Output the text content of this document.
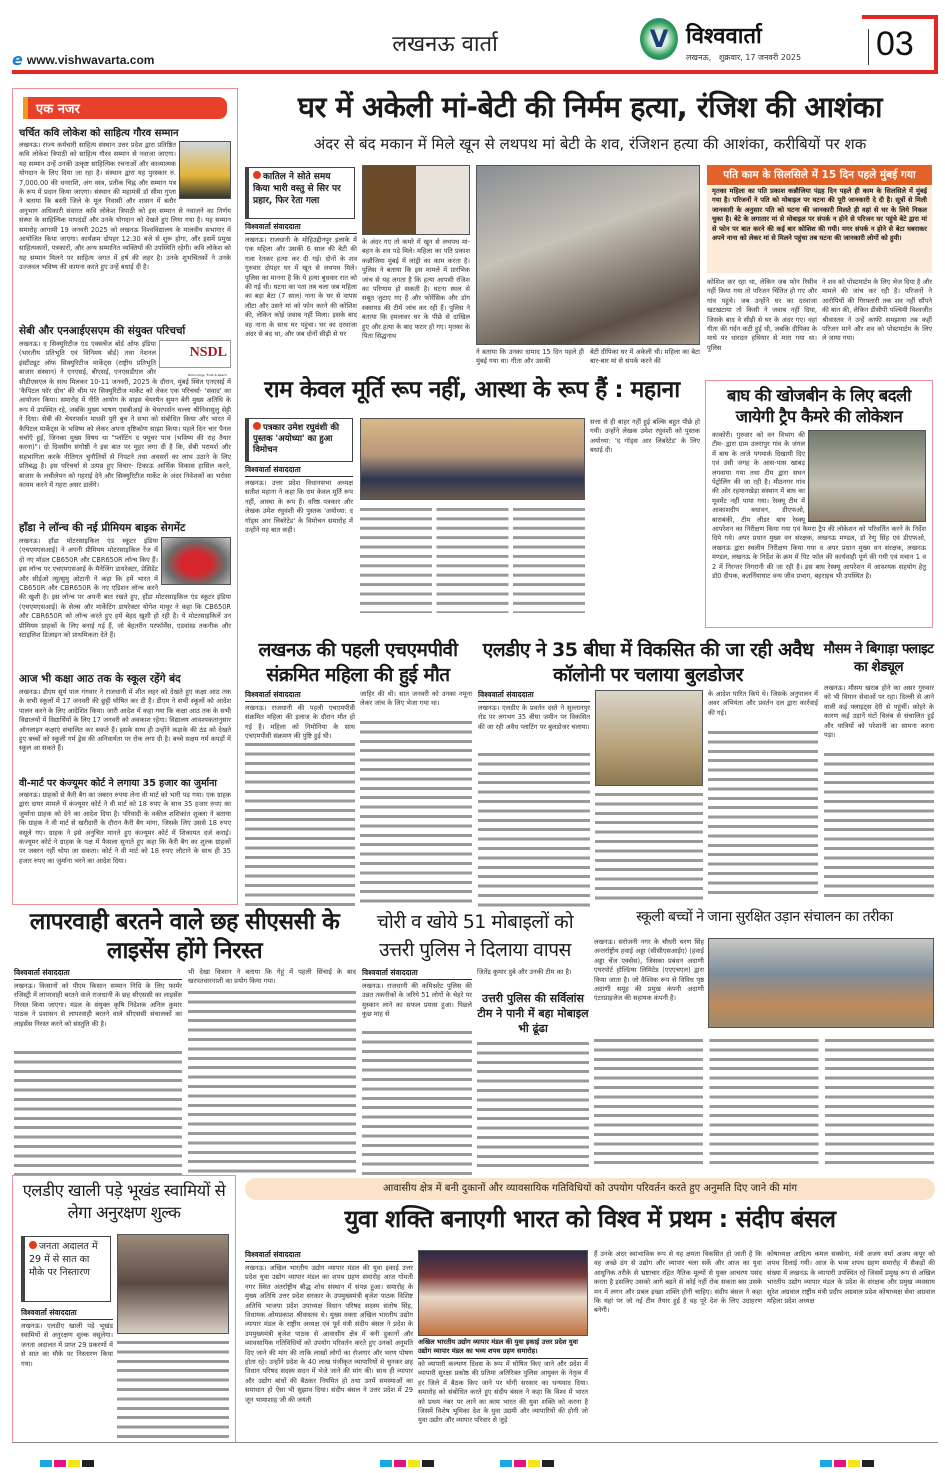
e www.vishwavarta.com
लखनऊ वार्ता	V विश्ववार्ता
लखनऊ,   शुक्रवार, 17 जनवरी 2025 03
एक नजर
चर्चित कवि लोकेश को साहित्य गौरव सम्मान
लखनऊ। राज्य कर्मचारी साहित्य संस्थान उत्तर प्रदेश द्वारा प्रतिष्ठित कवि लोकेश त्रिपाठी को साहित्य गौरव सम्मान से नवाजा जाएगा। यह सम्मान उन्हें उनकी उत्कृष्ट साहित्यिक रचनाओं और काव्यात्मक योगदान के लिए दिया जा रहा है। संस्थान द्वारा यह पुरस्कार रु. 7,000.00 की धनराशि, अंग वस्त्र, प्रतीक चिह्न और सम्मान पत्र के रूप में प्रदान किया जाएगा। संस्थान की महामंत्री डॉ सीमा गुप्ता ने बताया कि बस्ती जिले के मूल निवासी और शासन में बतौर अनुभाग अधिकारी संवारत कवि लोकेश त्रिपाठी को इस सम्मान से नवाजने का निर्णय संस्था के साहित्यिक मापदंडों और उनके योगदान को देखते हुए लिया गया है। यह सम्मान समारोह आगामी 19 जनवरी 2025 को लखनऊ विश्वविद्यालय के मालवीय सभागार में आयोजित किया जाएगा। कार्यक्रम दोपहर 12:30 बजे से शुरू होगा, और इसमें प्रमुख साहित्यकारों, पत्रकारों, और अन्य सम्मानित व्यक्तियों की उपस्थिति रहेगी। कवि लोकेश को यह सम्मान मिलने पर साहित्य जगत में हर्ष की लहर है। उनके शुभचिंतकों ने उनके उज्जवल भविष्य की कामना करते हुए उन्हें बधाई दी है।
सेबी और एनआईएसएम की संयुक्त परिचर्चा
NSDL
Technology, Trust & Reach
लखनऊ। द सिक्युरिटीज एंड एक्सचेंज बोर्ड ऑफ इंडिया (भारतीय प्रतिभूति एवं विनिमय बोर्ड) तथा नेशनल इंस्टीट्यूट ऑफ सिक्युरिटीज मार्केट्स (राष्ट्रीय प्रतिभूति बाजार संस्थान) ने एनएसई, बीएसई, एनएसडीएल और सीडीएसएल के साथ मिलकर 10-11 जनवरी, 2025 के दौरान, मुंबई स्थित एनएसई में 'कैपिटल फॉर ग्रोथ' की थीम पर सिक्युरिटीज मार्केट को लेकर एक परिचर्चा- 'संवाद' का आयोजन किया। समारोह में नीति आयोग के वाइस चेयरमैन सुमन बेरी मुख्य अतिथि के रूप में उपस्थित रहे, जबकि मुख्य भाषण एसबीआई के चेयरपर्सन चल्ला श्रीनिवासुलु सेट्टी ने दिया। सेबी की चेयरपर्सन माधवी पुरी बुच ने सभा को संबोधित किया और भारत में कैपिटल मार्केट्स के भविष्य को लेकर अपना दृष्टिकोण साझा किया। पहले दिन चार पैनल चर्चाएँ हुईं, जिनका मुख्य विषय था "प्लॉटिंग द फ्यूचर पाथ (भविष्य की राह तैयार करना)"। दो दिवसीय संगोष्ठी ने इस बात पर मुहर लगा दी है कि, सेबी परामर्श और सहभागिता करके नीतिगत चुनौतियों से निपटने तथा अवसरों का लाभ उठाने के लिए प्रतिबद्ध है। इस परिचर्चा से उत्पन्न हुए विचार- टिकाऊ आर्थिक विकास हासिल करने, बाजार के लचीलेपन को गहराई देने और सिक्युरिटीज मार्केट के अंदर निवेशकों का भरोसा कायम करने में गहरा असर डालेंगे।
हॉंडा ने लॉन्च की नई प्रीमियम बाइक सेगमेंट
लखनऊ। हॉंडा मोटरसाइकिल एंड स्कूटर इंडिया (एचएमएसआई) ने अपनी प्रीमियम मोटरसाइकिल रेंज में दो नए मॉडल CB650R और CBR650R लॉन्च किए हैं। इस लॉन्च पर एचएमएसआई के मैनेजिंग डायरेक्टर, प्रेसिडेंट और सीईओ त्सुत्सुमु ओटानी ने कहा कि हमें भारत में CB650R और CBR650R के नए एडिशन लॉन्च करने की खुशी है। इस लॉन्च पर अपनी बात रखते हुए, हॉंडा मोटरसाइकिल एंड स्कूटर इंडिया (एचएमएसआई) के सेल्स और मार्केटिंग डायरेक्टर योगेश माथुर ने कहा कि CB650R और CBR650R को लॉन्च करते हुए हमें बेहद खुशी हो रही है। ये मोटरसाइकिलें उन प्रीमियम ग्राहकों के लिए बनाई गई हैं, जो बेहतरीन परफॉर्मेंस, एडवांस्ड तकनीक और स्टाइलिश डिजाइन को प्राथमिकता देते हैं।
आज भी कक्षा आठ तक के स्कूल रहेंगे बंद
लखनऊ। डीएम सूर्य पाल गंगवार ने राजधानी में शीत लहर को देखते हुए कक्षा आठ तक के सभी स्कूलों में 17 जनवरी की छुट्टी घोषित कर दी है। डीएम ने सभी स्कूलों को आदेश पालन करने के लिए आदेशित किया। जारी आदेश में कहा गया कि कक्षा आठ तक के सभी विद्यालयों में विद्यार्थियों के लिए 17 जनवरी को अवकाश रहेगा। विद्यालय आवश्यकतानुसार ऑनलाइन कक्षाएं संचालित कर सकते हैं। इसके साथ ही उन्होंने कड़ाके की ठंड को देखते हुए बच्चों को स्कूली गर्म ड्रेस की अनिवार्यता पर रोक लगा दी है। बच्चे सक्षम गर्म कपड़ों में स्कूल आ सकते हैं।
वी-मार्ट पर कंज्यूमर कोर्ट ने लगाया 35 हजार का जुर्माना
लखनऊ। ग्राहकों से कैरी बैग का जबरन रुपया लेना वी मार्ट को भारी पड़ गया। एक ग्राहक द्वारा दायर मामले में कंज्यूमर कोर्ट ने वी मार्ट को 18 रुपए के साथ 35 हजार रुपए का जुर्माना ग्राहक को देने का आदेश दिया है। परिवादी के वकील शशिकांत शुक्ला ने बताया कि ग्राहक ने वी मार्ट से खरीदारी के दौरान कैरी बैग मांगा, जिसके लिए उससे 18 रुपए वसूले गए। ग्राहक ने इसे अनुचित मानते हुए कंज्यूमर कोर्ट में शिकायत दर्ज कराई। कंज्यूमर कोर्ट ने ग्राहक के पक्ष में फैसला सुनाते हुए कहा कि कैरी बैग का शुल्क ग्राहकों पर जबरन नहीं थोपा जा सकता। कोर्ट ने वी मार्ट को 18 रुपए लौटाने के साथ ही 35 हजार रुपए का जुर्माना भरने का आदेश दिया।
घर में अकेली मां-बेटी की निर्मम हत्या, रंजिश की आशंका
अंदर से बंद मकान में मिले खून से लथपथ मां बेटी के शव, रंजिशन हत्या की आशंका, करीबियों पर शक
कातिल ने सोते समय किया भारी वस्तु से सिर पर प्रहार, फिर रेता गला
विश्ववार्ता संवाददाता
लखनऊ। राजधानी के मोहिउद्दीनपुर इलाके में एक महिला और उसकी 6 साल की बेटी की गला रेतकर हत्या कर दी गई। दोनों के शव गुरुवार दोपहर घर में खून से लथपथ मिले। पुलिस का मानना है कि ये हत्या बुधवार रात को की गई थी। घटना का पता तब चला जब महिला का बड़ा बेटा (7 साल) नाना के घर से वापस लौटा और उसने मां को फोन करने की कोशिश की, लेकिन कोई जवाब नहीं मिला। इसके बाद वह नाना के साथ घर पहुंचा। घर का दरवाजा अंदर से बंद था, और जब दोनों सीढ़ी से घर
के अंदर गए तो कमरे में खून से लथपथ मां-बहन के शव पड़े मिले। महिला का पति प्रकाश कन्नौजिया मुंबई में लांड्री का काम करता है। पुलिस ने बताया कि इस मामले में प्रारंभिक जांच से यह लगता है कि हत्या आपसी रंजिश का परिणाम हो सकती है। घटना स्थल से सबूत जुटाए गए हैं और फोरेंसिक और डॉग स्क्वायड की टीमें जांच कर रही हैं। पुलिस ने बताया कि हमलावर घर के पीछे से दाखिल हुए और हत्या के बाद फरार हो गए। मृतका के पिता सिद्धनाथ
ने बताया कि उनका दामाद 15 दिन पहले ही मुंबई गया था। गीता और उसकी
बेटी दीपिका घर में अकेली थी। महिला का बेटा बार-बार मां से संपर्क करने की
पति काम के सिलसिले में 15 दिन पहले मुंबई गया
मृतका महिला का पति प्रकाश कन्नौजिया पंद्रह दिन पहले ही काम के सिलसिले में मुंबई गया है। परिजनों ने पति को मोबाइल पर घटना की पूरी जानकारी दे दी है। सूत्रों से मिली जानकारी के अनुसार पति को घटना की जानकारी मिलते ही वहां से घर के लिये निकल चुका है। बेटे के लगातार मां से मोबाइल पर संपर्क न होने से परिजन घर पहुंचे बेटे द्वारा मां से फोन पर बात करने की कई बार कोशिश की गयी। मगर संपर्क न होने से बेटा घबराकर अपने नाना को लेकर मां से मिलने पहुंचा तब घटना की जानकारी लोगों को हुयी।
कोशिश कर रहा था, लेकिन जब फोन रिसीव नहीं किया गया तो परिजन चिंतित हो गए और गांव पहुंचे। जब उन्होंने घर का दरवाजा खटखटाया तो किसी ने जवाब नहीं दिया, जिसके बाद वे सीढ़ी से घर के अंदर गए। वहां गीता की गर्दन कटी हुई थी, जबकि दीपिका के माथे पर धारदार हथियार से मारा गया था। पुलिस
ने शव को पोस्टमार्टम के लिए भेज दिया है और मामले की जांच कर रही है। परिजनों ने आरोपियों की गिरफ्तारी तक शव नहीं सौंपने की बात की, लेकिन डीसीपी पश्चिमी विश्वजीत श्रीवास्तव ने उन्हें काफी समझाया तब कहीं परिजन माने और शव को पोस्टमार्टम के लिए ले जाया गया।
राम केवल मूर्ति रूप नहीं, आस्था के रूप हैं : महाना
पत्रकार उमेश रघुवंशी की पुस्तक 'अयोध्या' का हुआ विमोचन
विश्ववार्ता संवाददाता
लखनऊ। उत्तर प्रदेश विधानसभा अध्यक्ष सतीश महाना ने कहा कि राम केवल मूर्ति रूप नहीं, आस्था के रूप हैं। वरिष्ठ पत्रकार और लेखक उमेश रघुवंशी की पुस्तक 'अयोध्या: द गॉड्स आर लिबरेटेड' के विमोचन समारोह में उन्होंने यह बात कही।
सत्ता से ही बाहर नहीं हुई बल्कि बहुत पीछे हो गयी। उन्होंने लेखक उमेश रघुवंशी को पुस्तक अयोध्या: 'द गॉड्स आर लिबरेटेड' के लिए बधाई दी।
बाघ की खोजबीन के लिए बदली जायेगी ट्रैप कैमरे की लोकेशन
काकोरी। गुरुवार को वन विभाग की टीम- द्वारा ग्राम उलरापुर गांव के जंगल में बाघ के ताजे पगमार्क दिखायी दिए एवं उसी जगह के आस-पास खाबड़ लगवाया गया तथा टीम द्वारा सघन पेट्रोलिंग की जा रही है। मीठनगर गांव की ओर रहमानखेड़ा संस्थान में बाघ का मूवमेंट नहीं पाया गया। रेस्क्यू टीम में आकाशदीप बधावन, डीएफओ, बाराबंकी, टीम लीडर बाघ रेस्क्यू आपरेशन का निरीक्षण किया गया एवं कैमरा ट्रैप की लोकेशन को परिवर्तित करने के निर्देश दिये गये। अपर प्रधान मुख्य वन संरक्षक, लखनऊ मण्डल, डॉ रेणु सिंह एवं डीएफओ, लखनऊ द्वारा स्थलीय निरीक्षण किया गया व अपर प्रधान मुख्य वन संरक्षक, लखनऊ मण्डल, लखनऊ के निर्देश के क्रम में पिट फॉल की कार्यवाही पूर्ण की गयी एवं मचान 1 व 2 में निरन्तर निगरानी की जा रही है। इस बाघ रेस्क्यू आपरेशन में आवश्यक सहयोग हेतु डॉ0 दीपक, कतर्नियाघाट वन्य जीव प्रभाग, बहराइच भी उपस्थित है।
लखनऊ की पहली एचएमपीवी संक्रमित महिला की हुई मौत
विश्ववार्ता संवाददाता
लखनऊ। राजधानी की पहली एचएमपीवी संक्रमित महिला की इलाज के दौरान मौत हो गई है। महिला को निमोनिया के साथ एचएमपीवी संक्रमण की पुष्टि हुई थी।
जाहिर की थी। सात जनवरी को उनका नमूना लेकर जांच के लिए भेजा गया था।
एलडीए ने 35 बीघा में विकसित की जा रही अवैध कॉलोनी पर चलाया बुलडोजर
विश्ववार्ता संवाददाता
लखनऊ। एलडीए के प्रवर्तन दस्ते ने सुल्तानपुर रोड पर लगभग 35 बीघा जमीन पर विकसित की जा रही अवैध प्लाटिंग पर बुलडोजर चलाया।
के आदेश पारित किये थे। जिसके अनुपालन में अवर अभियंता और प्रवर्तन दल द्वारा कार्रवाई की गई।
मौसम ने बिगाड़ा फ्लाइट का शेड्यूल
लखनऊ। मौसम खराब होने का असर गुरुवार को भी विमान सेवाओं पर रहा। दिल्ली से आने वाली कई फ्लाइट्स देरी से पहुंचीं। कोहरे के कारण कई उड़ानें घंटों विलंब से संचालित हुईं और यात्रियों को परेशानी का सामना करना पड़ा।
लापरवाही बरतने वाले छह सीएससी के लाइसेंस होंगे निरस्त
विश्ववार्ता संवाददाता
लखनऊ। किसानों को पीएम किसान सम्मान निधि के लिए फार्मर रजिस्ट्री में लापरवाही बरतने वाले राजधानी के छह सीएससी का लाइसेंस निरस्त किया जाएगा। मंडल के संयुक्त कृषि निदेशक अनिल कुमार पाठक ने प्रशासन से लापरवाही बरतने वाले सीएससी संचालकों का लाइसेंस निरस्त करने को संस्तुति की है।
भी देखा किसान ने बताया कि गेहूं में पहली सिंचाई के बाद खरपतवारनाशी का प्रयोग किया गया।
चोरी व खोये 51 मोबाइलों को उत्तरी पुलिस ने दिलाया वापस
विश्ववार्ता संवाददाता
लखनऊ। राजधानी की कमिश्नरेट पुलिस की उन्नत तकनीकों के जरिये 51 लोगों के चेहरे पर मुस्कान लाने का सफल प्रयास हुआ। पिछले कुछ माह से
जितेंद्र कुमार दुबे और उनकी टीम का है।
उत्तरी पुलिस की सर्विलांस टीम ने पानी में बहा मोबाइल भी ढूंढा
स्कूली बच्चों ने जाना सुरक्षित उड़ान संचालन का तरीका
लखनऊ। सरोजनी नगर के चौधरी चरण सिंह अन्तर्राष्ट्रीय हवाई अड्डा (सीसीएसआईए) (हवाई अड्डा चेंज एक्सेस), जिसका प्रबंधन अदाणी एयरपोर्ट होल्डिंग्स लिमिटेड (एएएचएल) द्वारा किया जाता है। जो वैश्विक रूप से विविध पृष्ठ अदाणी समूह की प्रमुख कंपनी अदाणी एंटरप्राइजेज की सहायक कंपनी है।
एलडीए खाली पड़े भूखंड स्वामियों से लेगा अनुरक्षण शुल्क
जनता अदालत में 29 में से सात का मौके पर निस्तारण
विश्ववार्ता संवाददाता
लखनऊ। एलडीए खाली पड़े भूखंड स्वामियों से अनुरक्षण शुल्क वसूलेगा। जनता अदालत में प्राप्त 29 प्रकरणों में से सात का मौके पर निस्तारण किया गया।
आवासीय क्षेत्र में बनी दुकानों और व्यावसायिक गतिविधियों को उपयोग परिवर्तन करते हुए अनुमति दिए जाने की मांग
युवा शक्ति बनाएगी भारत को विश्व में प्रथम : संदीप बंसल
विश्ववार्ता संवाददाता
लखनऊ। अखिल भारतीय उद्योग व्यापार मंडल की युवा इकाई उत्तर प्रदेश युवा उद्योग व्यापार मंडल का शपथ ग्रहण समारोह आज गोमती नगर स्थित अंतर्राष्ट्रीय बौद्ध शोध संस्थान में संपन्न हुआ। समारोह के मुख्य अतिथि उत्तर प्रदेश सरकार के उपमुख्यमंत्री बृजेश पाठक विशिष्ट अतिथि भाजपा प्रदेश उपाध्यक्ष विधान परिषद सदस्य संतोष सिंह, विधायक ओमप्रकाश श्रीवास्तव थे। मुख्य वक्ता अखिल भारतीय उद्योग व्यापार मंडल के राष्ट्रीय अध्यक्ष एवं पूर्व मंत्री संदीप बंसल ने प्रदेश के उपमुख्यमंत्री बृजेश पाठक से आवासीय क्षेत्र में बनी दुकानों और व्यावसायिक गतिविधियों को उपयोग परिवर्तन करते हुए उनको अनुमति दिए जाने की मांग की ताकि लाखों लोगों का रोजगार और भरण पोषण होता रहे। उन्होंने प्रदेश के 40 लाख पंजीकृत व्यापारियों से चुनकर छह विधान परिषद सदस्य सदन में भेजे जाने की मांग की। साथ ही व्यापार और उद्योग बांधों की बैठकर नियमित हो तथा उनमें समस्याओं का समाधान हो ऐसा भी सुझाव दिया। संदीप बंसल ने उत्तर प्रदेश में 29 जून भामाशाह जी की जयंती
अखिल भारतीय उद्योग व्यापार मंडल की युवा इकाई उत्तर प्रदेश युवा उद्योग व्यापार मंडल का भव्य शपथ ग्रहण समारोह।
को व्यापारी कल्याण दिवस के रूप में घोषित किए जाने और प्रदेश में व्यापारी सुरक्षा प्रकोष्ठ की प्रतिमा अतिरिक्त पुलिस आयुक्त के नेतृत्व में हर जिले में बैठक किए जाने पर योगी सरकार का धन्यवाद दिया। समारोह को संबोधित करते हुए संदीप बंसल ने कहा कि विश्व में भारत को प्रथम नंबर पर लाने का काम भारत की युवा शक्ति को करना है जिसमें विशेष भूमिका देश के युवा उद्यमी और व्यापारियों की होगी जो युवा उद्योग और व्यापार परिवार से जुड़े
हैं उनके अंदर स्वाभाविक रूप से यह क्षमता विकसित हो जाती है कि वह अच्छे ढंग से उद्योग और व्यापार चला सकें और आज का युवा आधुनिक तरीके से भ्रष्टाचार रहित नैतिक मूल्यों से युक्त आचरण पसंद करता है इसलिए उसको आगे बढ़ने से कोई नहीं रोक सकता बस उसके मन में लगन और प्रबल इच्छा शक्ति होनी चाहिए। संदीप बंसल ने कहा कि यहां पर जो नई टीम तैयार हुई है वह पूरे देश के लिए उदाहरण बनेगी।
कोषाध्यक्ष आदित्य कमल सक्सेना, मंत्री अजय वर्मा अजय कपूर को शपथ दिलाई गयी। आज के भव्य शपथ ग्रहण समारोह में सैकड़ों की संख्या में लखनऊ के व्यापारी उपस्थित रहे जिसमें प्रमुख रूप से अखिल भारतीय उद्योग व्यापार मंडल के प्रदेश के संरक्षक और प्रमुख व्यवसाय सुरेश अग्रवाल राष्ट्रीय मंत्री प्रदीप अग्रवाल प्रदेश कोषाध्यक्ष सेवा अग्रवाल महिला प्रदेश अध्यक्ष
